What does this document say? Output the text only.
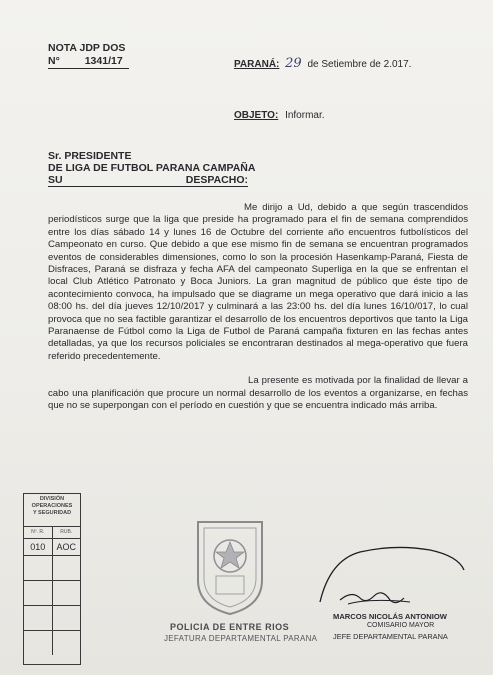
NOTA JDP DOS
N° 1341/17	PARANÁ: 29 de Setiembre de 2.017.
OBJETO: Informar.
Sr. PRESIDENTE
DE LIGA DE FUTBOL PARANA CAMPAÑA
SU	DESPACHO:

Me dirijo a Ud, debido a que según trascendidos periodísticos surge que la liga que preside ha programado para el fin de semana comprendidos entre los días sábado 14 y lunes 16 de Octubre del corriente año encuentros futbolísticos del Campeonato en curso. Que debido a que ese mismo fin de semana se encuentran programados eventos de considerables dimensiones, como lo son la procesión Hasenkamp-Paraná, Fiesta de Disfraces, Paraná se disfraza y fecha AFA del campeonato Superliga en la que se enfrentan el local Club Atlético Patronato y Boca Juniors. La gran magnitud de público que éste tipo de acontecimiento convoca, ha impulsado que se diagrame un mega operativo que dará inicio a las 08:00 hs. del día jueves 12/10/2017 y culminará a las 23:00 hs. del día lunes 16/10/017, lo cual provoca que no sea factible garantizar el desarrollo de los encuentros deportivos que tanto la Liga Paranaense de Fútbol como la Liga de Futbol de Paraná campaña fixturen en las fechas antes detalladas, ya que los recursos policiales se encontraran destinados al mega-operativo que fuera referido precedentemente.

La presente es motivada por la finalidad de llevar a cabo una planificación que procure un normal desarrollo de los eventos a organizarse, en fechas que no se superpongan con el período en cuestión y que se encuentra indicado más arriba.

DIVISIÓN
OPERACIONES
Y SEGURIDAD
Nº. R.	RUB.
010	AOC
POLICIA DE ENTRE RIOS
JEFATURA DEPARTAMENTAL PARANA
MARCOS NICOLÁS ANTONIOW
COMISARIO MAYOR
JEFE DEPARTAMENTAL PARANA
